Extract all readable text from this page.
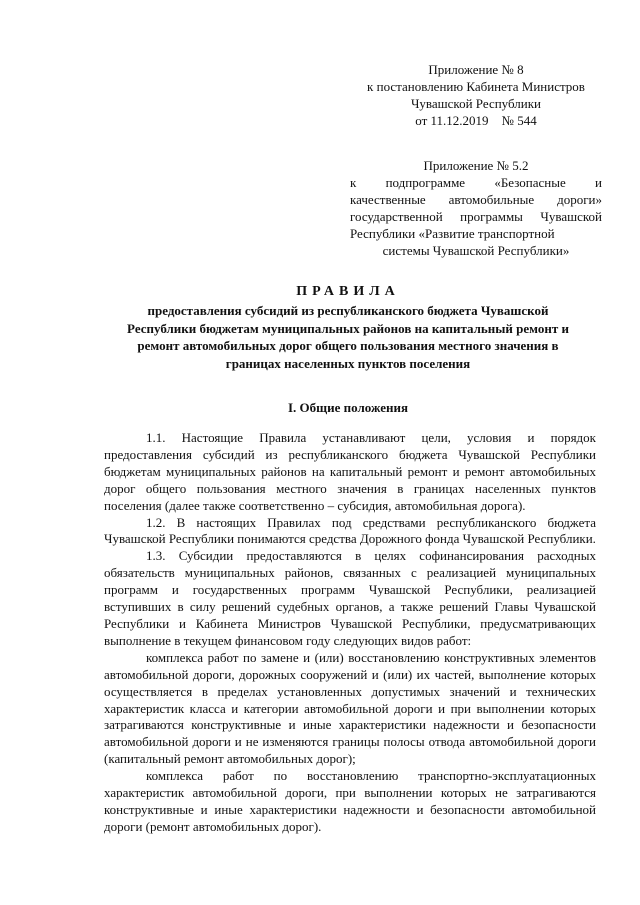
Приложение № 8
к постановлению Кабинета Министров
Чувашской Республики
от 11.12.2019    № 544
Приложение № 5.2
к подпрограмме «Безопасные и качественные автомобильные дороги» государственной программы Чувашской Республики «Развитие транспортной
системы Чувашской Республики»
ПРАВИЛА
предоставления субсидий из республиканского бюджета Чувашской Республики бюджетам муниципальных районов на капитальный ремонт и ремонт автомобильных дорог общего пользования местного значения в границах населенных пунктов поселения
I. Общие положения

1.1. Настоящие Правила устанавливают цели, условия и порядок предоставления субсидий из республиканского бюджета Чувашской Республики бюджетам муниципальных районов на капитальный ремонт и ремонт автомобильных дорог общего пользования местного значения в границах населенных пунктов поселения (далее также соответственно – субсидия, автомобильная дорога).

1.2. В настоящих Правилах под средствами республиканского бюджета Чувашской Республики понимаются средства Дорожного фонда Чувашской Республики.

1.3. Субсидии предоставляются в целях софинансирования расходных обязательств муниципальных районов, связанных с реализацией муниципальных программ и государственных программ Чувашской Республики, реализацией вступивших в силу решений судебных органов, а также решений Главы Чувашской Республики и Кабинета Министров Чувашской Республики, предусматривающих выполнение в текущем финансовом году следующих видов работ:

комплекса работ по замене и (или) восстановлению конструктивных элементов автомобильной дороги, дорожных сооружений и (или) их частей, выполнение которых осуществляется в пределах установленных допустимых значений и технических характеристик класса и категории автомобильной дороги и при выполнении которых затрагиваются конструктивные и иные характеристики надежности и безопасности автомобильной дороги и не изменяются границы полосы отвода автомобильной дороги (капитальный ремонт автомобильных дорог);

комплекса работ по восстановлению транспортно-эксплуатационных характеристик автомобильной дороги, при выполнении которых не затрагиваются конструктивные и иные характеристики надежности и безопасности автомобильной дороги (ремонт автомобильных дорог).
